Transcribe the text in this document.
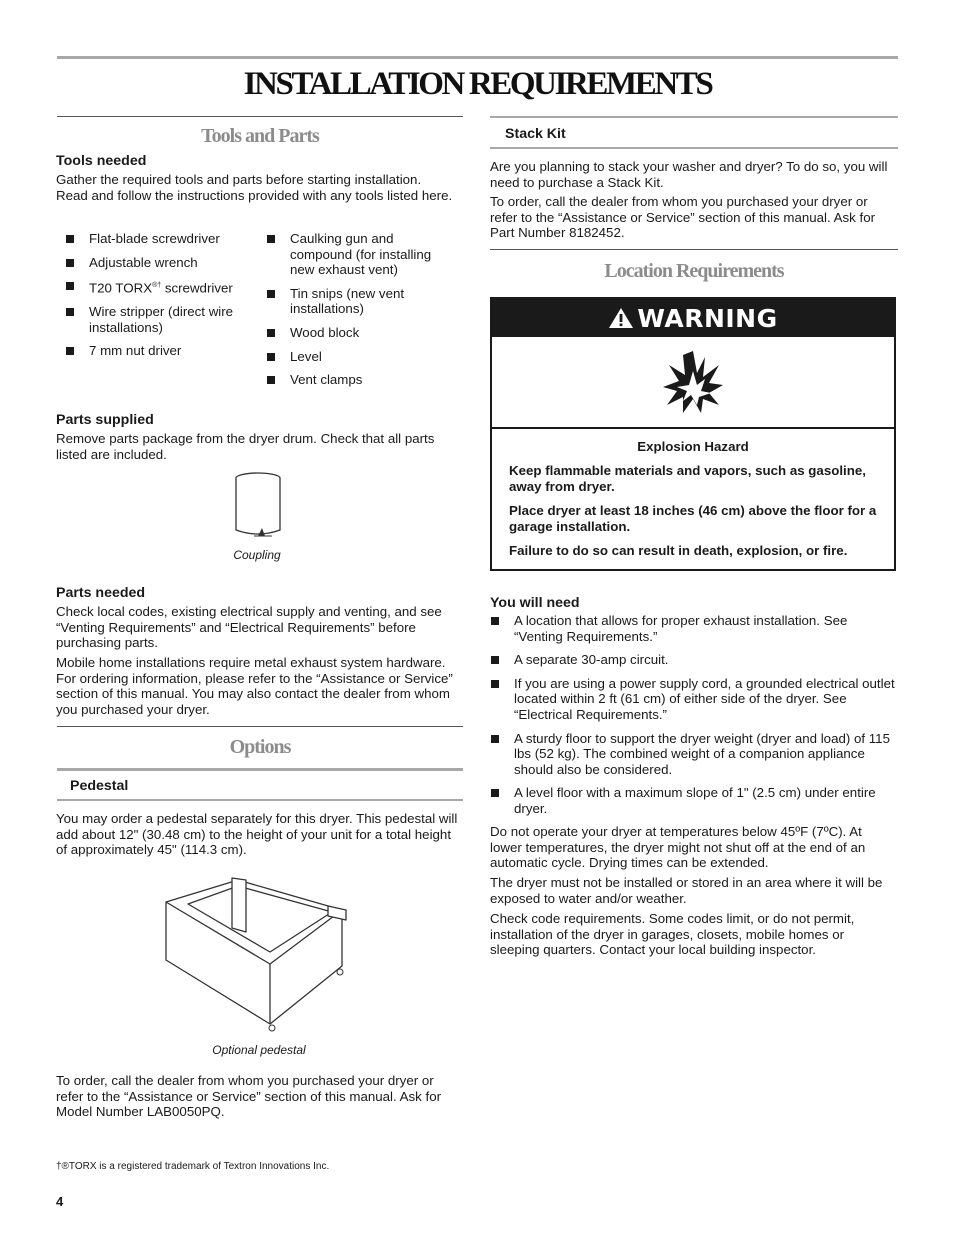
INSTALLATION REQUIREMENTS
Tools and Parts
Tools needed

Gather the required tools and parts before starting installation. Read and follow the instructions provided with any tools listed here.

Flat-blade screwdriver
Adjustable wrench
T20 TORX®† screwdriver
Wire stripper (direct wire installations)
7 mm nut driver
Caulking gun and compound (for installing new exhaust vent)
Tin snips (new vent installations)
Wood block
Level
Vent clamps
Parts supplied

Remove parts package from the dryer drum. Check that all parts listed are included.

Coupling
Parts needed

Check local codes, existing electrical supply and venting, and see “Venting Requirements” and “Electrical Requirements” before purchasing parts.

Mobile home installations require metal exhaust system hardware. For ordering information, please refer to the “Assistance or Service” section of this manual. You may also contact the dealer from whom you purchased your dryer.

Options
Pedestal

You may order a pedestal separately for this dryer. This pedestal will add about 12" (30.48 cm) to the height of your unit for a total height of approximately 45" (114.3 cm).

Optional pedestal

To order, call the dealer from whom you purchased your dryer or refer to the “Assistance or Service” section of this manual. Ask for Model Number LAB0050PQ.

†®TORX is a registered trademark of Textron Innovations Inc.
4
Stack Kit

Are you planning to stack your washer and dryer? To do so, you will need to purchase a Stack Kit.

To order, call the dealer from whom you purchased your dryer or refer to the “Assistance or Service” section of this manual. Ask for Part Number 8182452.

Location Requirements
WARNING
Explosion Hazard

Keep flammable materials and vapors, such as gasoline, away from dryer.

Place dryer at least 18 inches (46 cm) above the floor for a garage installation.

Failure to do so can result in death, explosion, or fire.

You will need
A location that allows for proper exhaust installation. See “Venting Requirements.”
A separate 30-amp circuit.
If you are using a power supply cord, a grounded electrical outlet located within 2 ft (61 cm) of either side of the dryer. See “Electrical Requirements.”
A sturdy floor to support the dryer weight (dryer and load) of 115 lbs (52 kg). The combined weight of a companion appliance should also be considered.
A level floor with a maximum slope of 1" (2.5 cm) under entire dryer.

Do not operate your dryer at temperatures below 45ºF (7ºC). At lower temperatures, the dryer might not shut off at the end of an automatic cycle. Drying times can be extended.

The dryer must not be installed or stored in an area where it will be exposed to water and/or weather.

Check code requirements. Some codes limit, or do not permit, installation of the dryer in garages, closets, mobile homes or sleeping quarters. Contact your local building inspector.
